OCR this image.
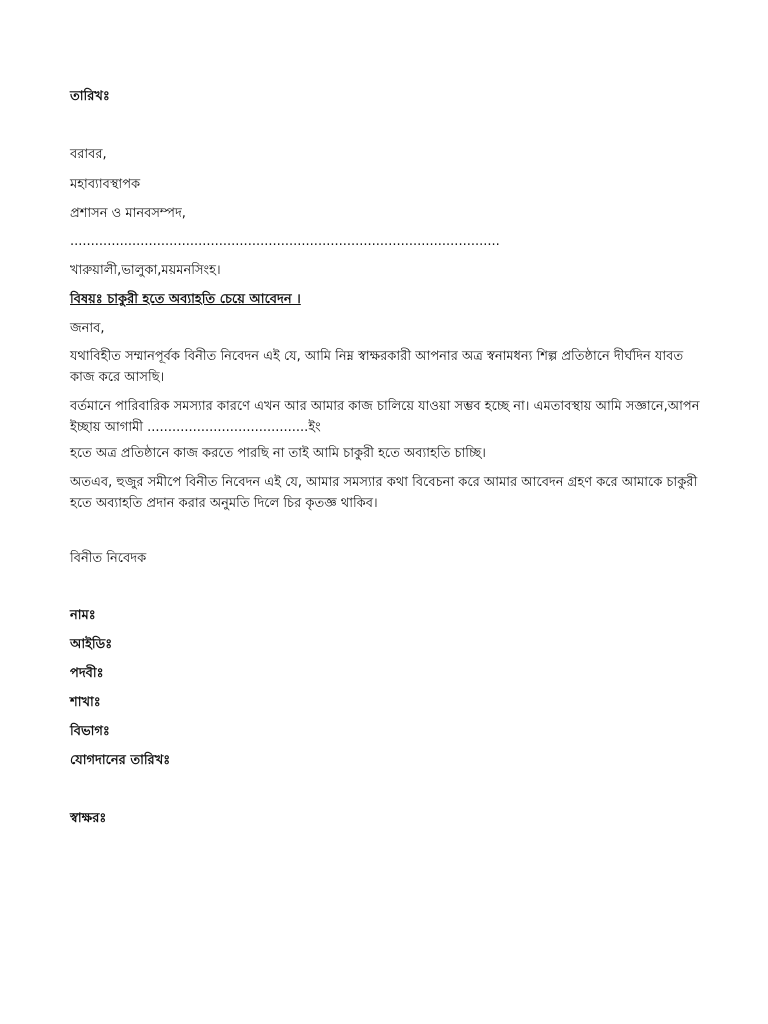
তারিখঃ
বরাবর,
মহাব্যাবস্থাপক
প্রশাসন ও মানবসম্পদ,
........................................................................................................
খারুয়ালী,ভালুকা,ময়মনসিংহ।
বিষয়ঃ চাকুরী হতে অব্যাহতি চেয়ে আবেদন ।
জনাব,
যথাবিহীত সম্মানপূর্বক বিনীত নিবেদন এই যে, আমি নিম্ন স্বাক্ষরকারী আপনার অত্র স্বনামধন্য শিল্প প্রতিষ্ঠানে দীর্ঘদিন যাবত কাজ করে আসছি।
বর্তমানে পারিবারিক সমস্যার কারণে এখন আর আমার কাজ চালিয়ে যাওয়া সম্ভব হচ্ছে না। এমতাবস্থায় আমি সজ্ঞানে,আপন ইচ্ছায় আগামী .......................................ইং
হতে অত্র প্রতিষ্ঠানে কাজ করতে পারছি না তাই আমি চাকুরী হতে অব্যাহতি চাচ্ছি।
অতএব, হুজুর সমীপে বিনীত নিবেদন এই যে, আমার সমস্যার কথা বিবেচনা করে আমার আবেদন গ্রহণ করে আমাকে চাকুরী হতে অব্যাহতি প্রদান করার অনুমতি দিলে চির কৃতজ্ঞ থাকিব।
বিনীত নিবেদক
নামঃ
আইডিঃ
পদবীঃ
শাখাঃ
বিভাগঃ
যোগদানের তারিখঃ
স্বাক্ষরঃ
